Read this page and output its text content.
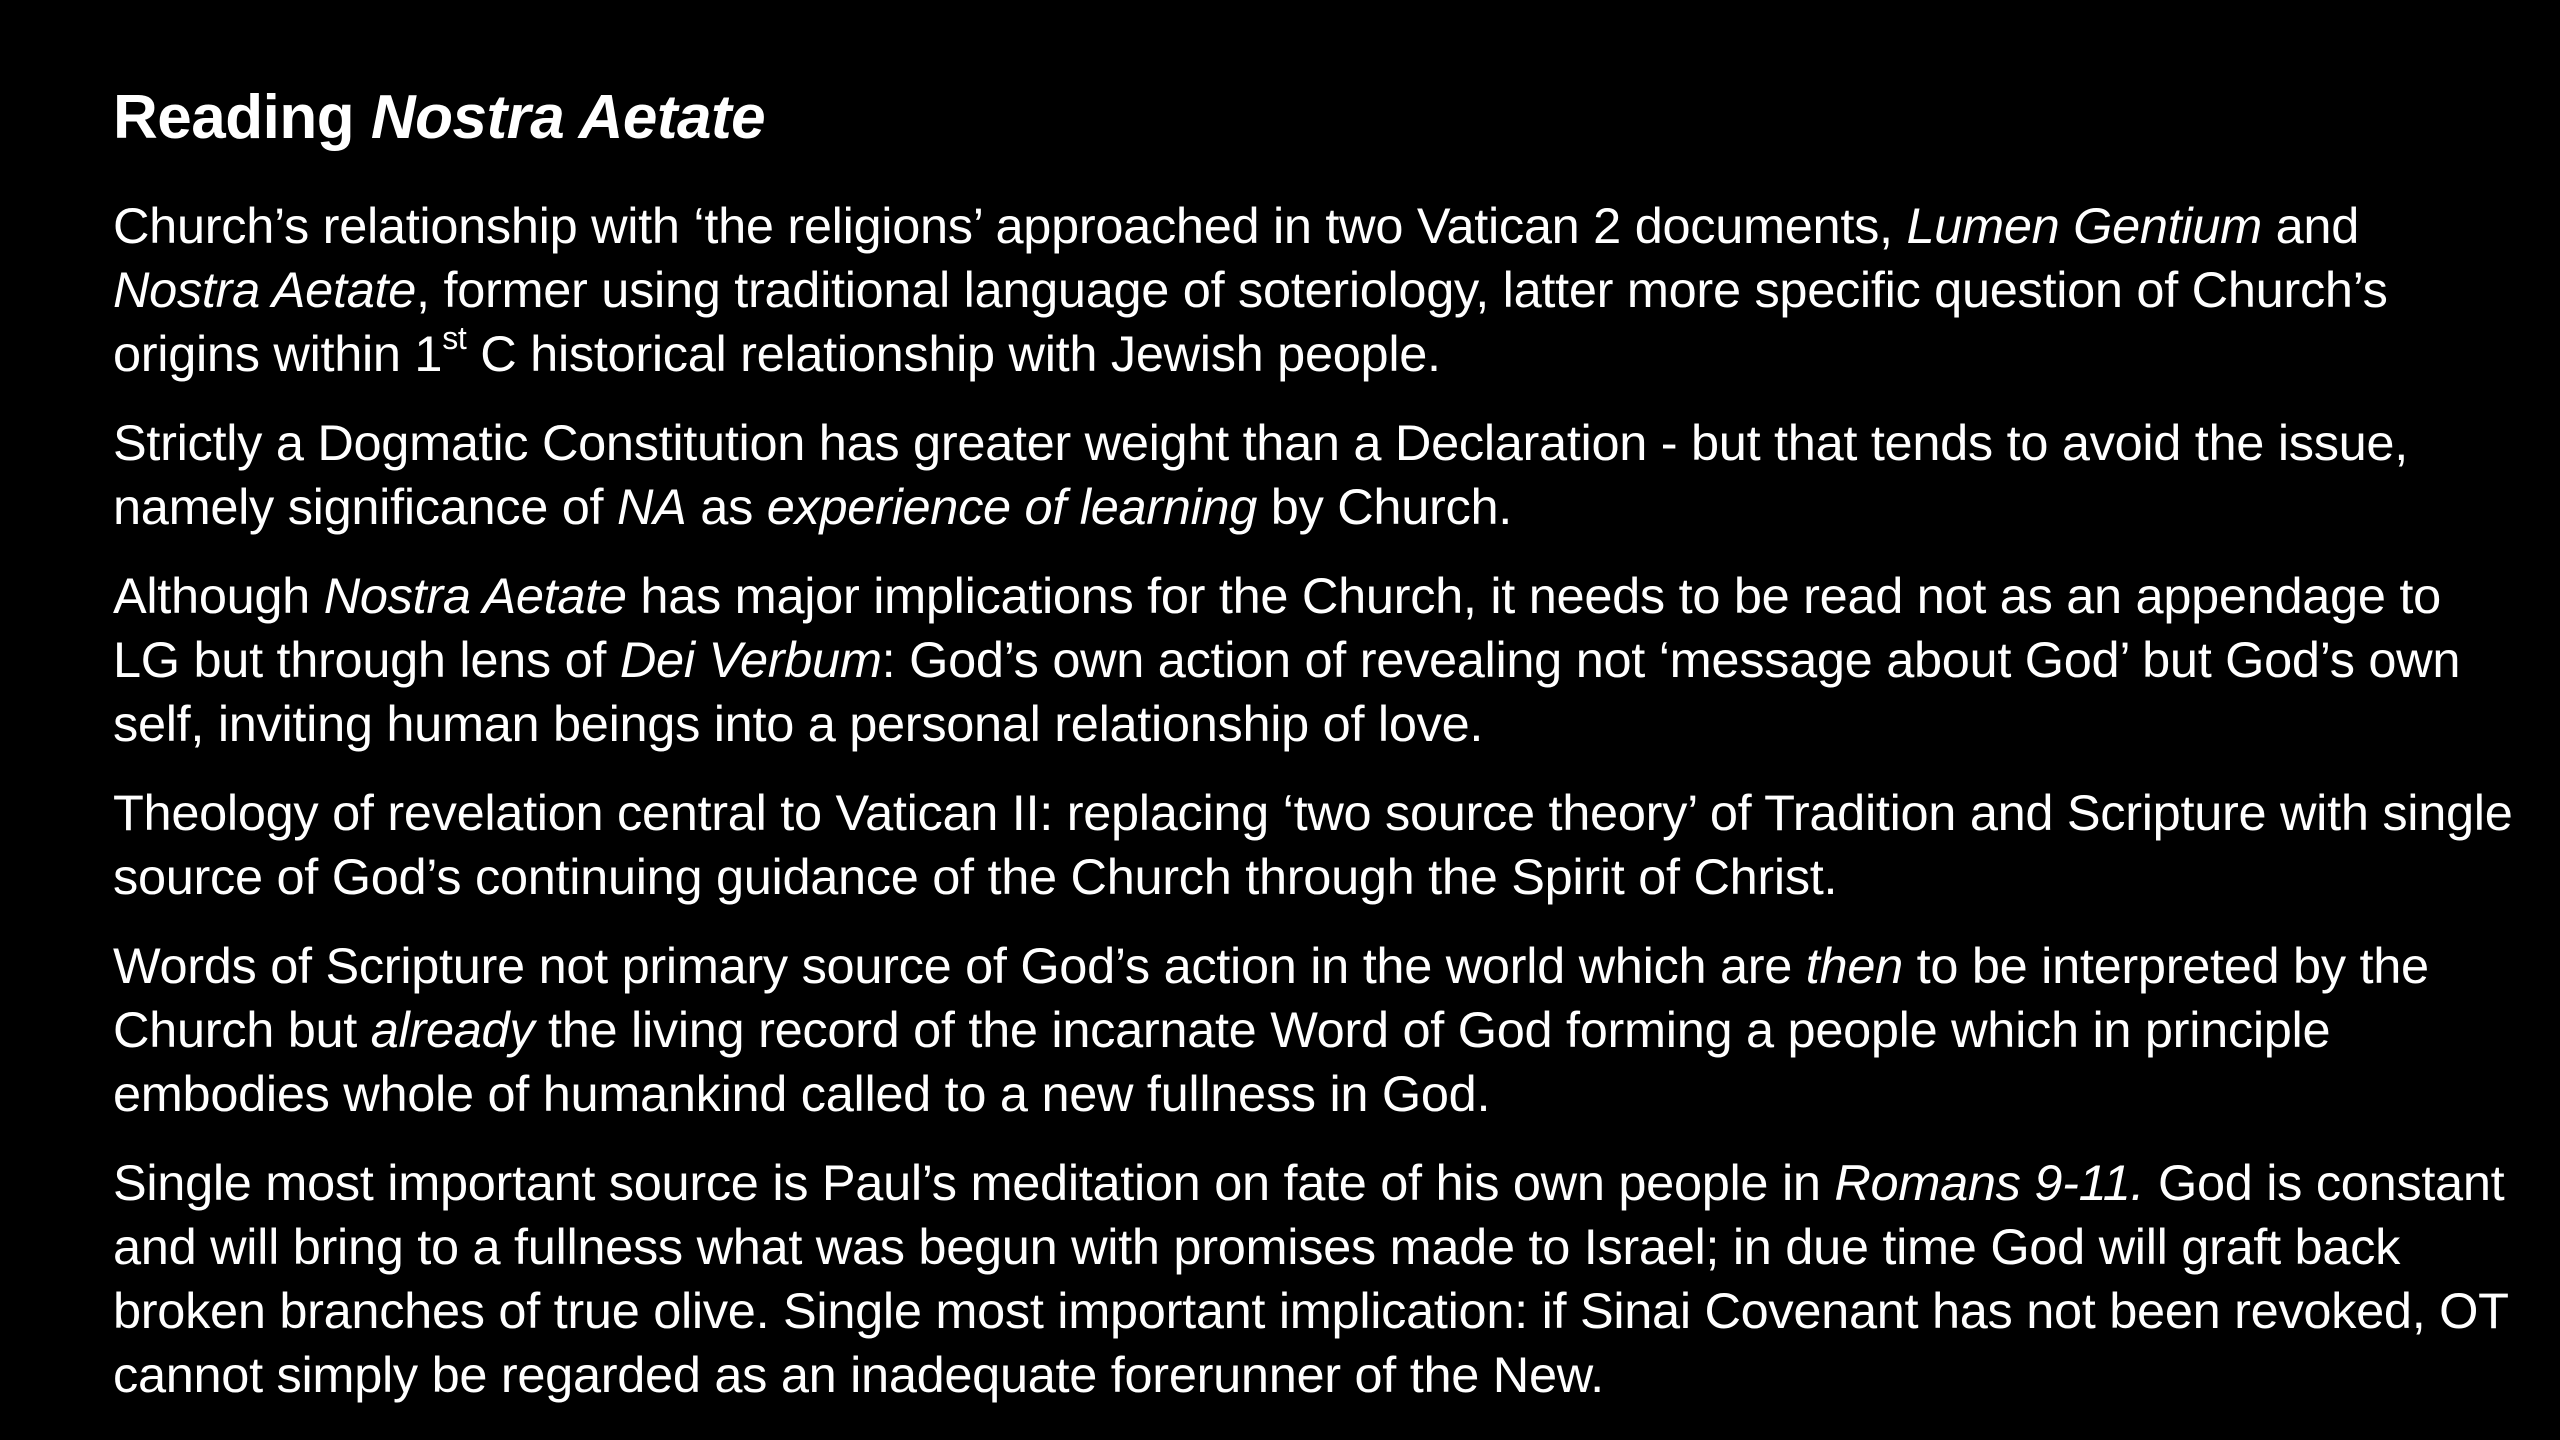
Reading Nostra Aetate

Church’s relationship with ‘the religions’ approached in two Vatican 2 documents, Lumen Gentium and Nostra Aetate, former using traditional language of soteriology, latter more specific question of Church’s origins within 1st C historical relationship with Jewish people.

Strictly a Dogmatic Constitution has greater weight than a Declaration - but that tends to avoid the issue, namely significance of NA as experience of learning by Church.

Although Nostra Aetate has major implications for the Church, it needs to be read not as an appendage to LG but through lens of Dei Verbum: God’s own action of revealing not ‘message about God’ but God’s own self, inviting human beings into a personal relationship of love.

Theology of revelation central to Vatican II: replacing ‘two source theory’ of Tradition and Scripture with single source of God’s continuing guidance of the Church through the Spirit of Christ.

Words of Scripture not primary source of God’s action in the world which are then to be interpreted by the Church but already the living record of the incarnate Word of God forming a people which in principle embodies whole of humankind called to a new fullness in God.

Single most important source is Paul’s meditation on fate of his own people in Romans 9-11. God is constant and will bring to a fullness what was begun with promises made to Israel; in due time God will graft back broken branches of true olive. Single most important implication: if Sinai Covenant has not been revoked, OT cannot simply be regarded as an inadequate forerunner of the New.
